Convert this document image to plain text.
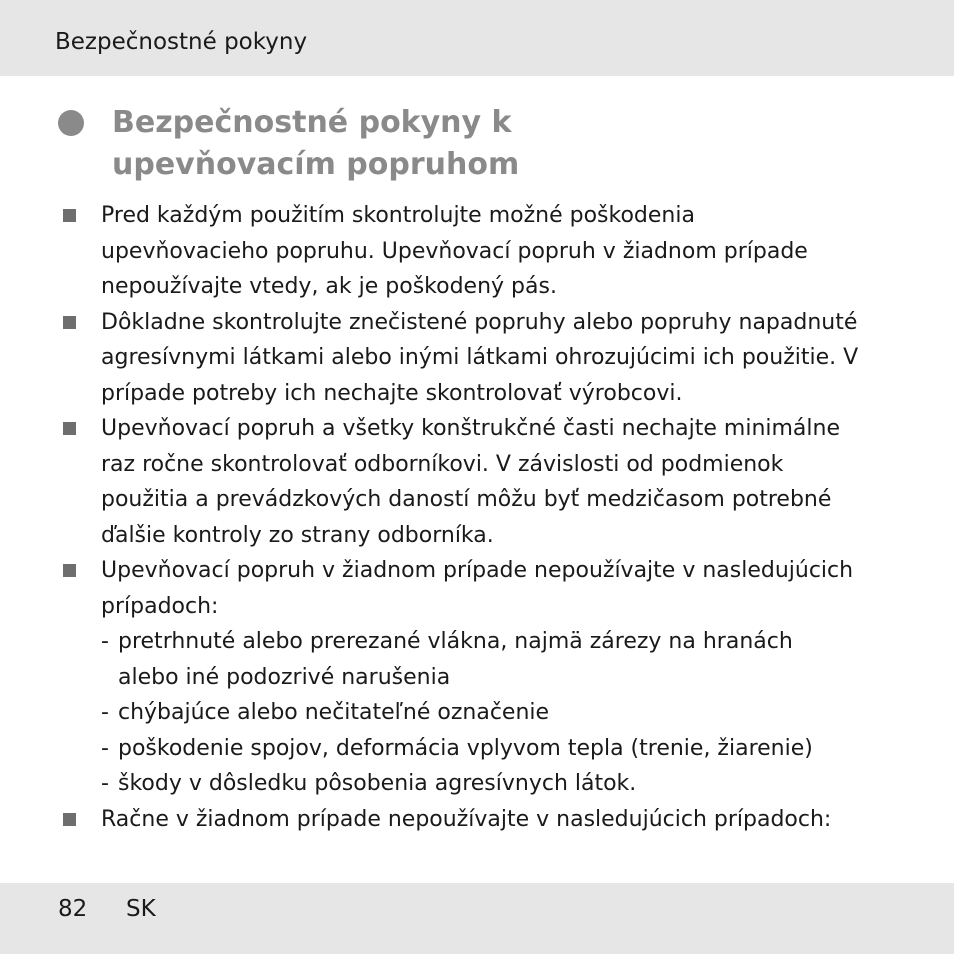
Bezpečnostné pokyny
Bezpečnostné pokyny k
upevňovacím popruhom
Pred každým použitím skontrolujte možné poškodenia
upevňovacieho popruhu. Upevňovací popruh v žiadnom prípade
nepoužívajte vtedy, ak je poškodený pás.
Dôkladne skontrolujte znečistené popruhy alebo popruhy napadnuté
agresívnymi látkami alebo inými látkami ohrozujúcimi ich použitie. V
prípade potreby ich nechajte skontrolovať výrobcovi.
Upevňovací popruh a všetky konštrukčné časti nechajte minimálne
raz ročne skontrolovať odborníkovi. V závislosti od podmienok
použitia a prevádzkových daností môžu byť medzičasom potrebné
ďalšie kontroly zo strany odborníka.
Upevňovací popruh v žiadnom prípade nepoužívajte v nasledujúcich
prípadoch:
- pretrhnuté alebo prerezané vlákna, najmä zárezy na hranách
alebo iné podozrivé narušenia
- chýbajúce alebo nečitateľné označenie
- poškodenie spojov, deformácia vplyvom tepla (trenie, žiarenie)
- škody v dôsledku pôsobenia agresívnych látok.
Račne v žiadnom prípade nepoužívajte v nasledujúcich prípadoch:
82 SK
